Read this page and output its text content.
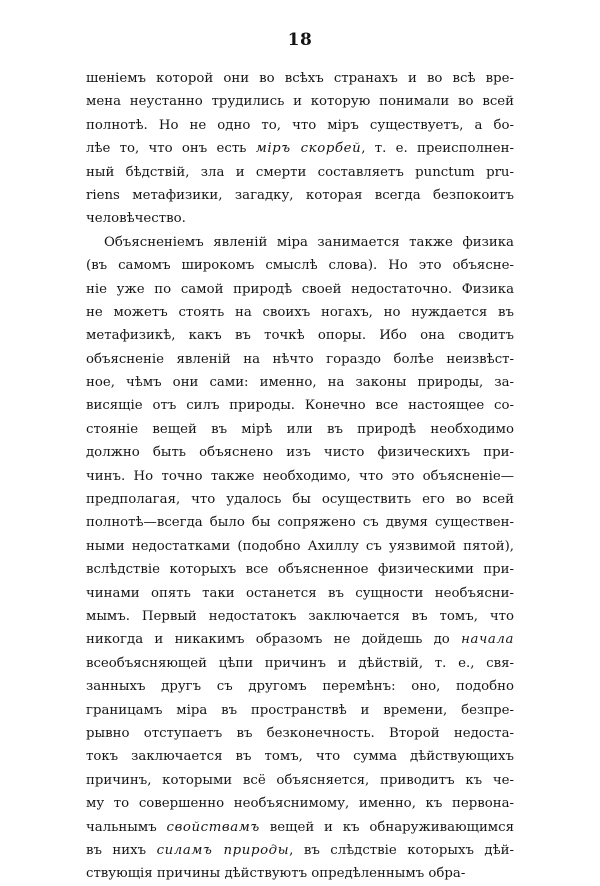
18
шеніемъ которой они во всѣхъ странахъ и во всѣ вре-
мена неустанно трудились и которую понимали во всей
полнотѣ. Но не одно то, что міръ существуетъ, а бо-
лѣе то, что онъ есть міръ скорбей, т. е. преисполнен-
ный бѣдствій, зла и смерти составляетъ punctum pru-
riens метафизики, загадку, которая всегда безпокоитъ
человѣчество.
Объясненіемъ явленій міра занимается также физика
(въ самомъ широкомъ смыслѣ слова). Но это объясне-
ніе уже по самой природѣ своей недостаточно. Физика
не можетъ стоять на своихъ ногахъ, но нуждается въ
метафизикѣ, какъ въ точкѣ опоры. Ибо она сводитъ
объясненіе явленій на нѣчто гораздо болѣе неизвѣст-
ное, чѣмъ они сами: именно, на законы природы, за-
висящіе отъ силъ природы. Конечно все настоящее со-
стояніе вещей въ мірѣ или въ природѣ необходимо
должно быть объяснено изъ чисто физическихъ при-
чинъ. Но точно также необходимо, что это объясненіе—
предполагая, что удалось бы осуществить его во всей
полнотѣ—всегда было бы сопряжено съ двумя существен-
ными недостатками (подобно Ахиллу съ уязвимой пятой),
вслѣдствіе которыхъ все объясненное физическими при-
чинами опять таки останется въ сущности необъясни-
мымъ. Первый недостатокъ заключается въ томъ, что
никогда и никакимъ образомъ не дойдешь до начала
всеобъясняющей цѣпи причинъ и дѣйствій, т. е., свя-
занныхъ другъ съ другомъ перемѣнъ: оно, подобно
границамъ міра въ пространствѣ и времени, безпре-
рывно отступаетъ въ безконечность. Второй недоста-
токъ заключается въ томъ, что сумма дѣйствующихъ
причинъ, которыми всё объясняется, приводитъ къ че-
му то совершенно необъяснимому, именно, къ первона-
чальнымъ свойствамъ вещей и къ обнаруживающимся
въ нихъ силамъ природы, въ слѣдствіе которыхъ дѣй-
ствующія причины дѣйствуютъ опредѣленнымъ обра-
